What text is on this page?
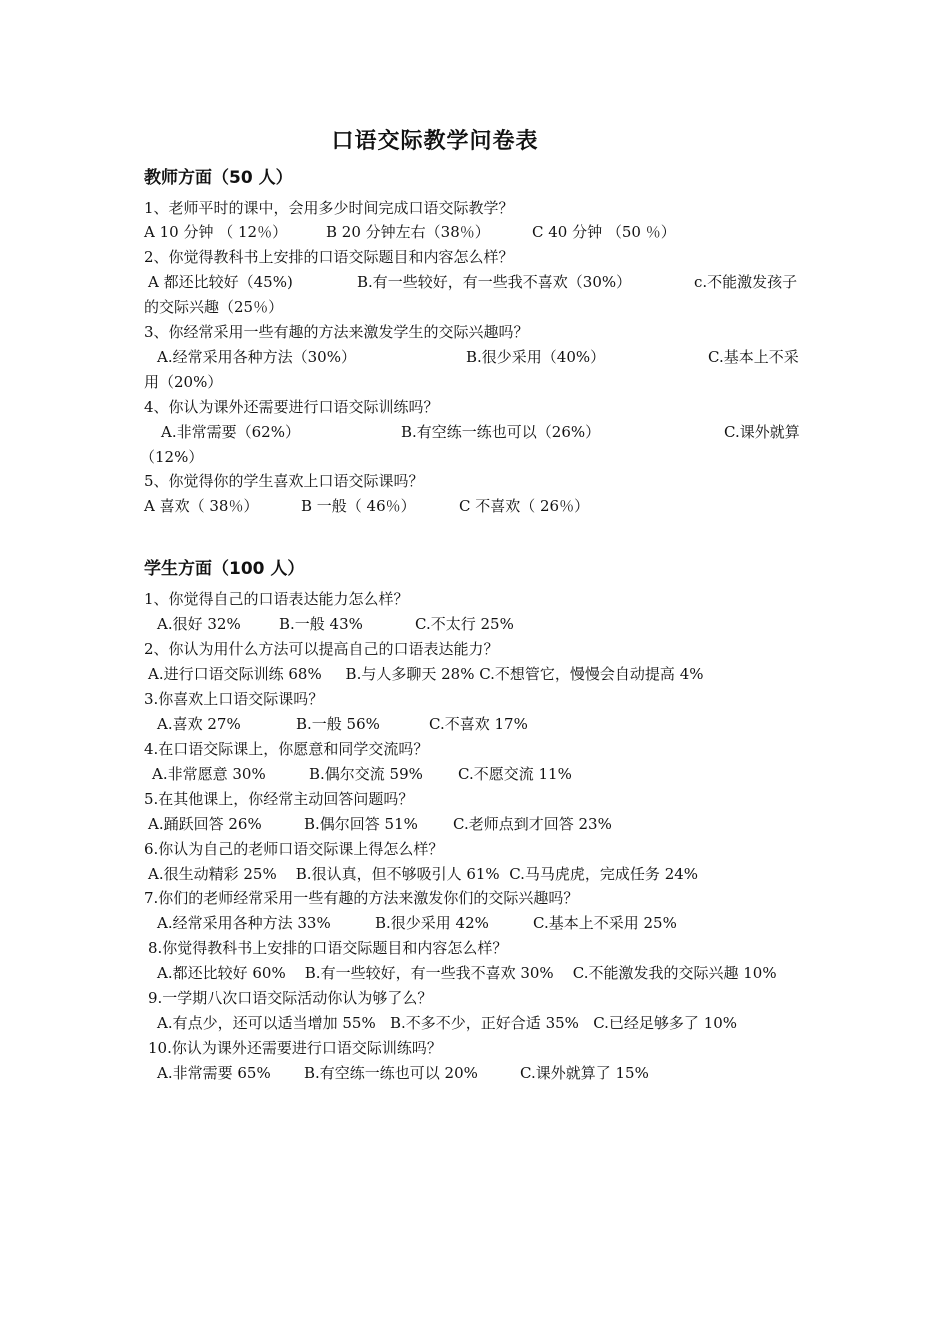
口语交际教学问卷表
教师方面（50 人）
1、老师平时的课中，会用多少时间完成口语交际教学？
A 10 分钟 （ 12％）	B 20 分钟左右（38％）	C 40 分钟 （50 ％）
2、你觉得教科书上安排的口语交际题目和内容怎么样？
A 都还比较好（45%)	B.有一些较好，有一些我不喜欢（30%）	c.不能激发孩子
的交际兴趣（25％）
3、你经常采用一些有趣的方法来激发学生的交际兴趣吗？
A.经常采用各种方法（30%）	B.很少采用（40%）	C.基本上不采
用（20%）
4、你认为课外还需要进行口语交际训练吗？
A.非常需要（62%）	B.有空练一练也可以（26%）	C.课外就算
（12%）
5、你觉得你的学生喜欢上口语交际课吗？
A 喜欢（ 38％）	B 一般（ 46％）	C 不喜欢（ 26％）
学生方面（100 人）
1、你觉得自己的口语表达能力怎么样？
A.很好 32%	B.一般 43%	C.不太行 25%
2、你认为用什么方法可以提高自己的口语表达能力？
A.进行口语交际训练 68%     B.与人多聊天 28% C.不想管它，慢慢会自动提高 4%
3.你喜欢上口语交际课吗？
A.喜欢 27%	B.一般 56%	C.不喜欢 17%
4.在口语交际课上，你愿意和同学交流吗？
A.非常愿意 30%	B.偶尔交流 59% C.不愿交流 11%
5.在其他课上，你经常主动回答问题吗？
A.踊跃回答 26%	B.偶尔回答 51% C.老师点到才回答 23%
6.你认为自己的老师口语交际课上得怎么样？
A.很生动精彩 25%    B.很认真，但不够吸引人 61%  C.马马虎虎，完成任务 24%
7.你们的老师经常采用一些有趣的方法来激发你们的交际兴趣吗？
A.经常采用各种方法 33%	B.很少采用 42%	C.基本上不采用 25%
8.你觉得教科书上安排的口语交际题目和内容怎么样？
A.都还比较好 60%    B.有一些较好，有一些我不喜欢 30%    C.不能激发我的交际兴趣 10%
9.一学期八次口语交际活动你认为够了么？
A.有点少，还可以适当增加 55%   B.不多不少，正好合适 35%   C.已经足够多了 10%
10.你认为课外还需要进行口语交际训练吗？
A.非常需要 65% B.有空练一练也可以 20%	C.课外就算了 15%
